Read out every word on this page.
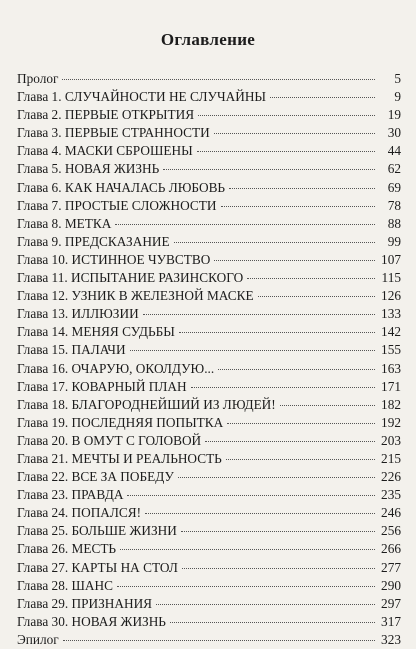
Оглавление
Пролог	5
Глава 1. СЛУЧАЙНОСТИ НЕ СЛУЧАЙНЫ	9
Глава 2. ПЕРВЫЕ ОТКРЫТИЯ	19
Глава 3. ПЕРВЫЕ СТРАННОСТИ	30
Глава 4. МАСКИ СБРОШЕНЫ	44
Глава 5. НОВАЯ ЖИЗНЬ	62
Глава 6. КАК НАЧАЛАСЬ ЛЮБОВЬ	69
Глава 7. ПРОСТЫЕ СЛОЖНОСТИ	78
Глава 8. МЕТКА	88
Глава 9. ПРЕДСКАЗАНИЕ	99
Глава 10. ИСТИННОЕ ЧУВСТВО	107
Глава 11. ИСПЫТАНИЕ РАЗИНСКОГО	115
Глава 12. УЗНИК В ЖЕЛЕЗНОЙ МАСКЕ	126
Глава 13. ИЛЛЮЗИИ	133
Глава 14. МЕНЯЯ СУДЬБЫ	142
Глава 15. ПАЛАЧИ	155
Глава 16. ОЧАРУЮ, ОКОЛДУЮ...	163
Глава 17. КОВАРНЫЙ ПЛАН	171
Глава 18. БЛАГОРОДНЕЙШИЙ ИЗ ЛЮДЕЙ!	182
Глава 19. ПОСЛЕДНЯЯ ПОПЫТКА	192
Глава 20. В ОМУТ С ГОЛОВОЙ	203
Глава 21. МЕЧТЫ И РЕАЛЬНОСТЬ	215
Глава 22. ВСЕ ЗА ПОБЕДУ	226
Глава 23. ПРАВДА	235
Глава 24. ПОПАЛСЯ!	246
Глава 25. БОЛЬШЕ ЖИЗНИ	256
Глава 26. МЕСТЬ	266
Глава 27. КАРТЫ НА СТОЛ	277
Глава 28. ШАНС	290
Глава 29. ПРИЗНАНИЯ	297
Глава 30. НОВАЯ ЖИЗНЬ	317
Эпилог	323
